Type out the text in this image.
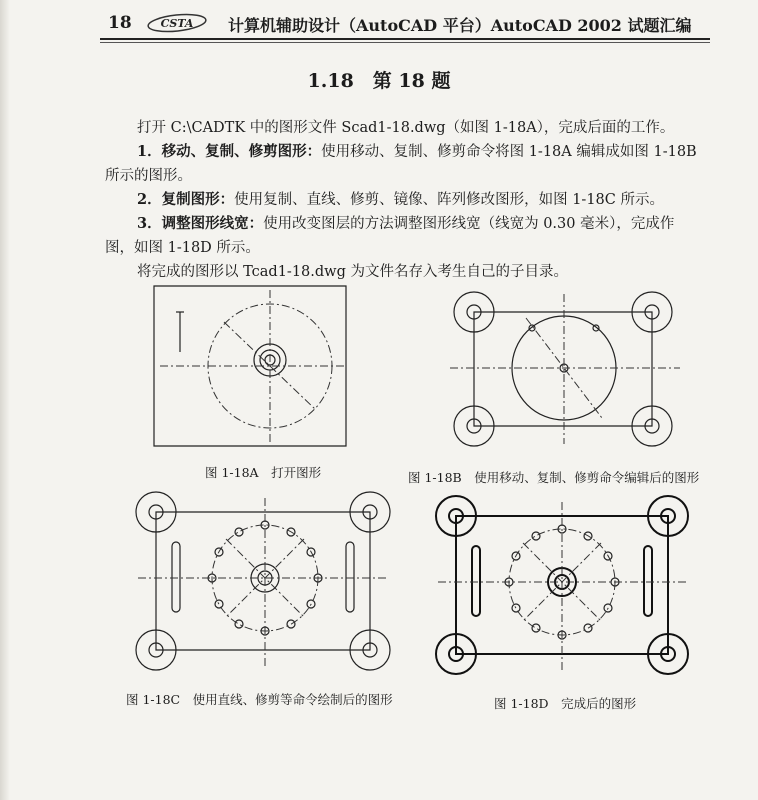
18	CSTA 计算机辅助设计（AutoCAD 平台）AutoCAD 2002 试题汇编
1.18　第 18 题
打开 C:\CADTK 中的图形文件 Scad1-18.dwg（如图 1-18A），完成后面的工作。
1．移动、复制、修剪图形：使用移动、复制、修剪命令将图 1-18A 编辑成如图 1-18B
所示的图形。
2．复制图形：使用复制、直线、修剪、镜像、阵列修改图形，如图 1-18C 所示。
3．调整图形线宽：使用改变图层的方法调整图形线宽（线宽为 0.30 毫米），完成作
图，如图 1-18D 所示。
将完成的图形以 Tcad1-18.dwg 为文件名存入考生自己的子目录。
图 1-18A　打开图形	图 1-18B　使用移动、复制、修剪命令编辑后的图形
图 1-18C　使用直线、修剪等命令绘制后的图形	图 1-18D　完成后的图形
